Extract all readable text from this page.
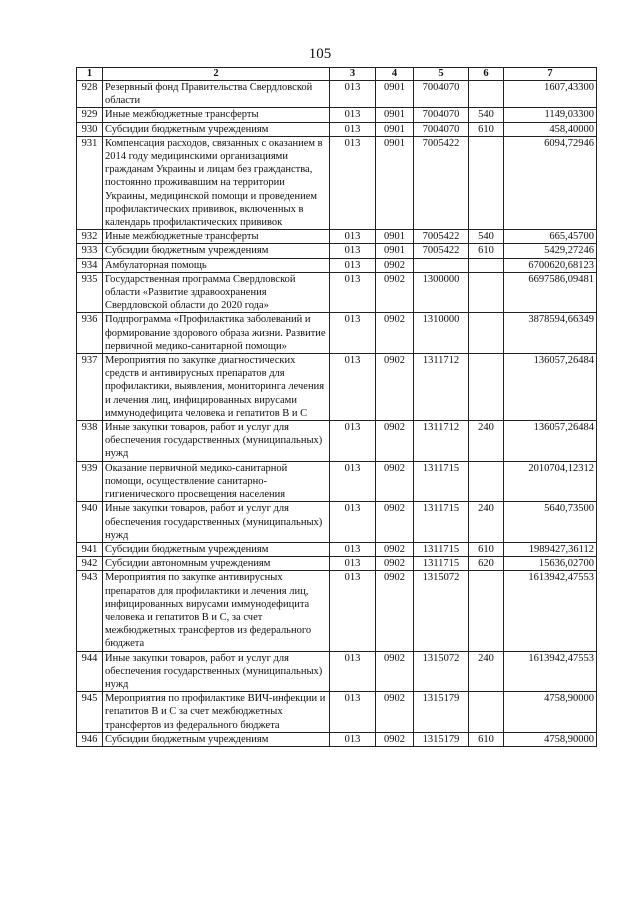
105
1	2	3	4	5	6	7
928	Резервный фонд Правительства Свердловской области	013	0901	7004070		1607,43300
929	Иные межбюджетные трансферты	013	0901	7004070	540	1149,03300
930	Субсидии бюджетным учреждениям	013	0901	7004070	610	458,40000
931	Компенсация расходов, связанных с оказанием в 2014 году медицинскими организациями гражданам Украины и лицам без гражданства, постоянно проживавшим на территории Украины, медицинской помощи и проведением профилактических прививок, включенных в календарь профилактических прививок	013	0901	7005422		6094,72946
932	Иные межбюджетные трансферты	013	0901	7005422	540	665,45700
933	Субсидии бюджетным учреждениям	013	0901	7005422	610	5429,27246
934	Амбулаторная помощь	013	0902			6700620,68123
935	Государственная программа Свердловской области «Развитие здравоохранения Свердловской области до 2020 года»	013	0902	1300000		6697586,09481
936	Подпрограмма «Профилактика заболеваний и формирование здорового образа жизни. Развитие первичной медико-санитарной помощи»	013	0902	1310000		3878594,66349
937	Мероприятия по закупке диагностических средств и антивирусных препаратов для профилактики, выявления, мониторинга лечения и лечения лиц, инфицированных вирусами иммунодефицита человека и гепатитов В и С	013	0902	1311712		136057,26484
938	Иные закупки товаров, работ и услуг для обеспечения государственных (муниципальных) нужд	013	0902	1311712	240	136057,26484
939	Оказание первичной медико-санитарной помощи, осуществление санитарно-гигиенического просвещения населения	013	0902	1311715		2010704,12312
940	Иные закупки товаров, работ и услуг для обеспечения государственных (муниципальных) нужд	013	0902	1311715	240	5640,73500
941	Субсидии бюджетным учреждениям	013	0902	1311715	610	1989427,36112
942	Субсидии автономным учреждениям	013	0902	1311715	620	15636,02700
943	Мероприятия по закупке антивирусных препаратов для профилактики и лечения лиц, инфицированных вирусами иммунодефицита человека и гепатитов В и С, за счет межбюджетных трансфертов из федерального бюджета	013	0902	1315072		1613942,47553
944	Иные закупки товаров, работ и услуг для обеспечения государственных (муниципальных) нужд	013	0902	1315072	240	1613942,47553
945	Мероприятия по профилактике ВИЧ-инфекции и гепатитов В и С за счет межбюджетных трансфертов из федерального бюджета	013	0902	1315179		4758,90000
946	Субсидии бюджетным учреждениям	013	0902	1315179	610	4758,90000
